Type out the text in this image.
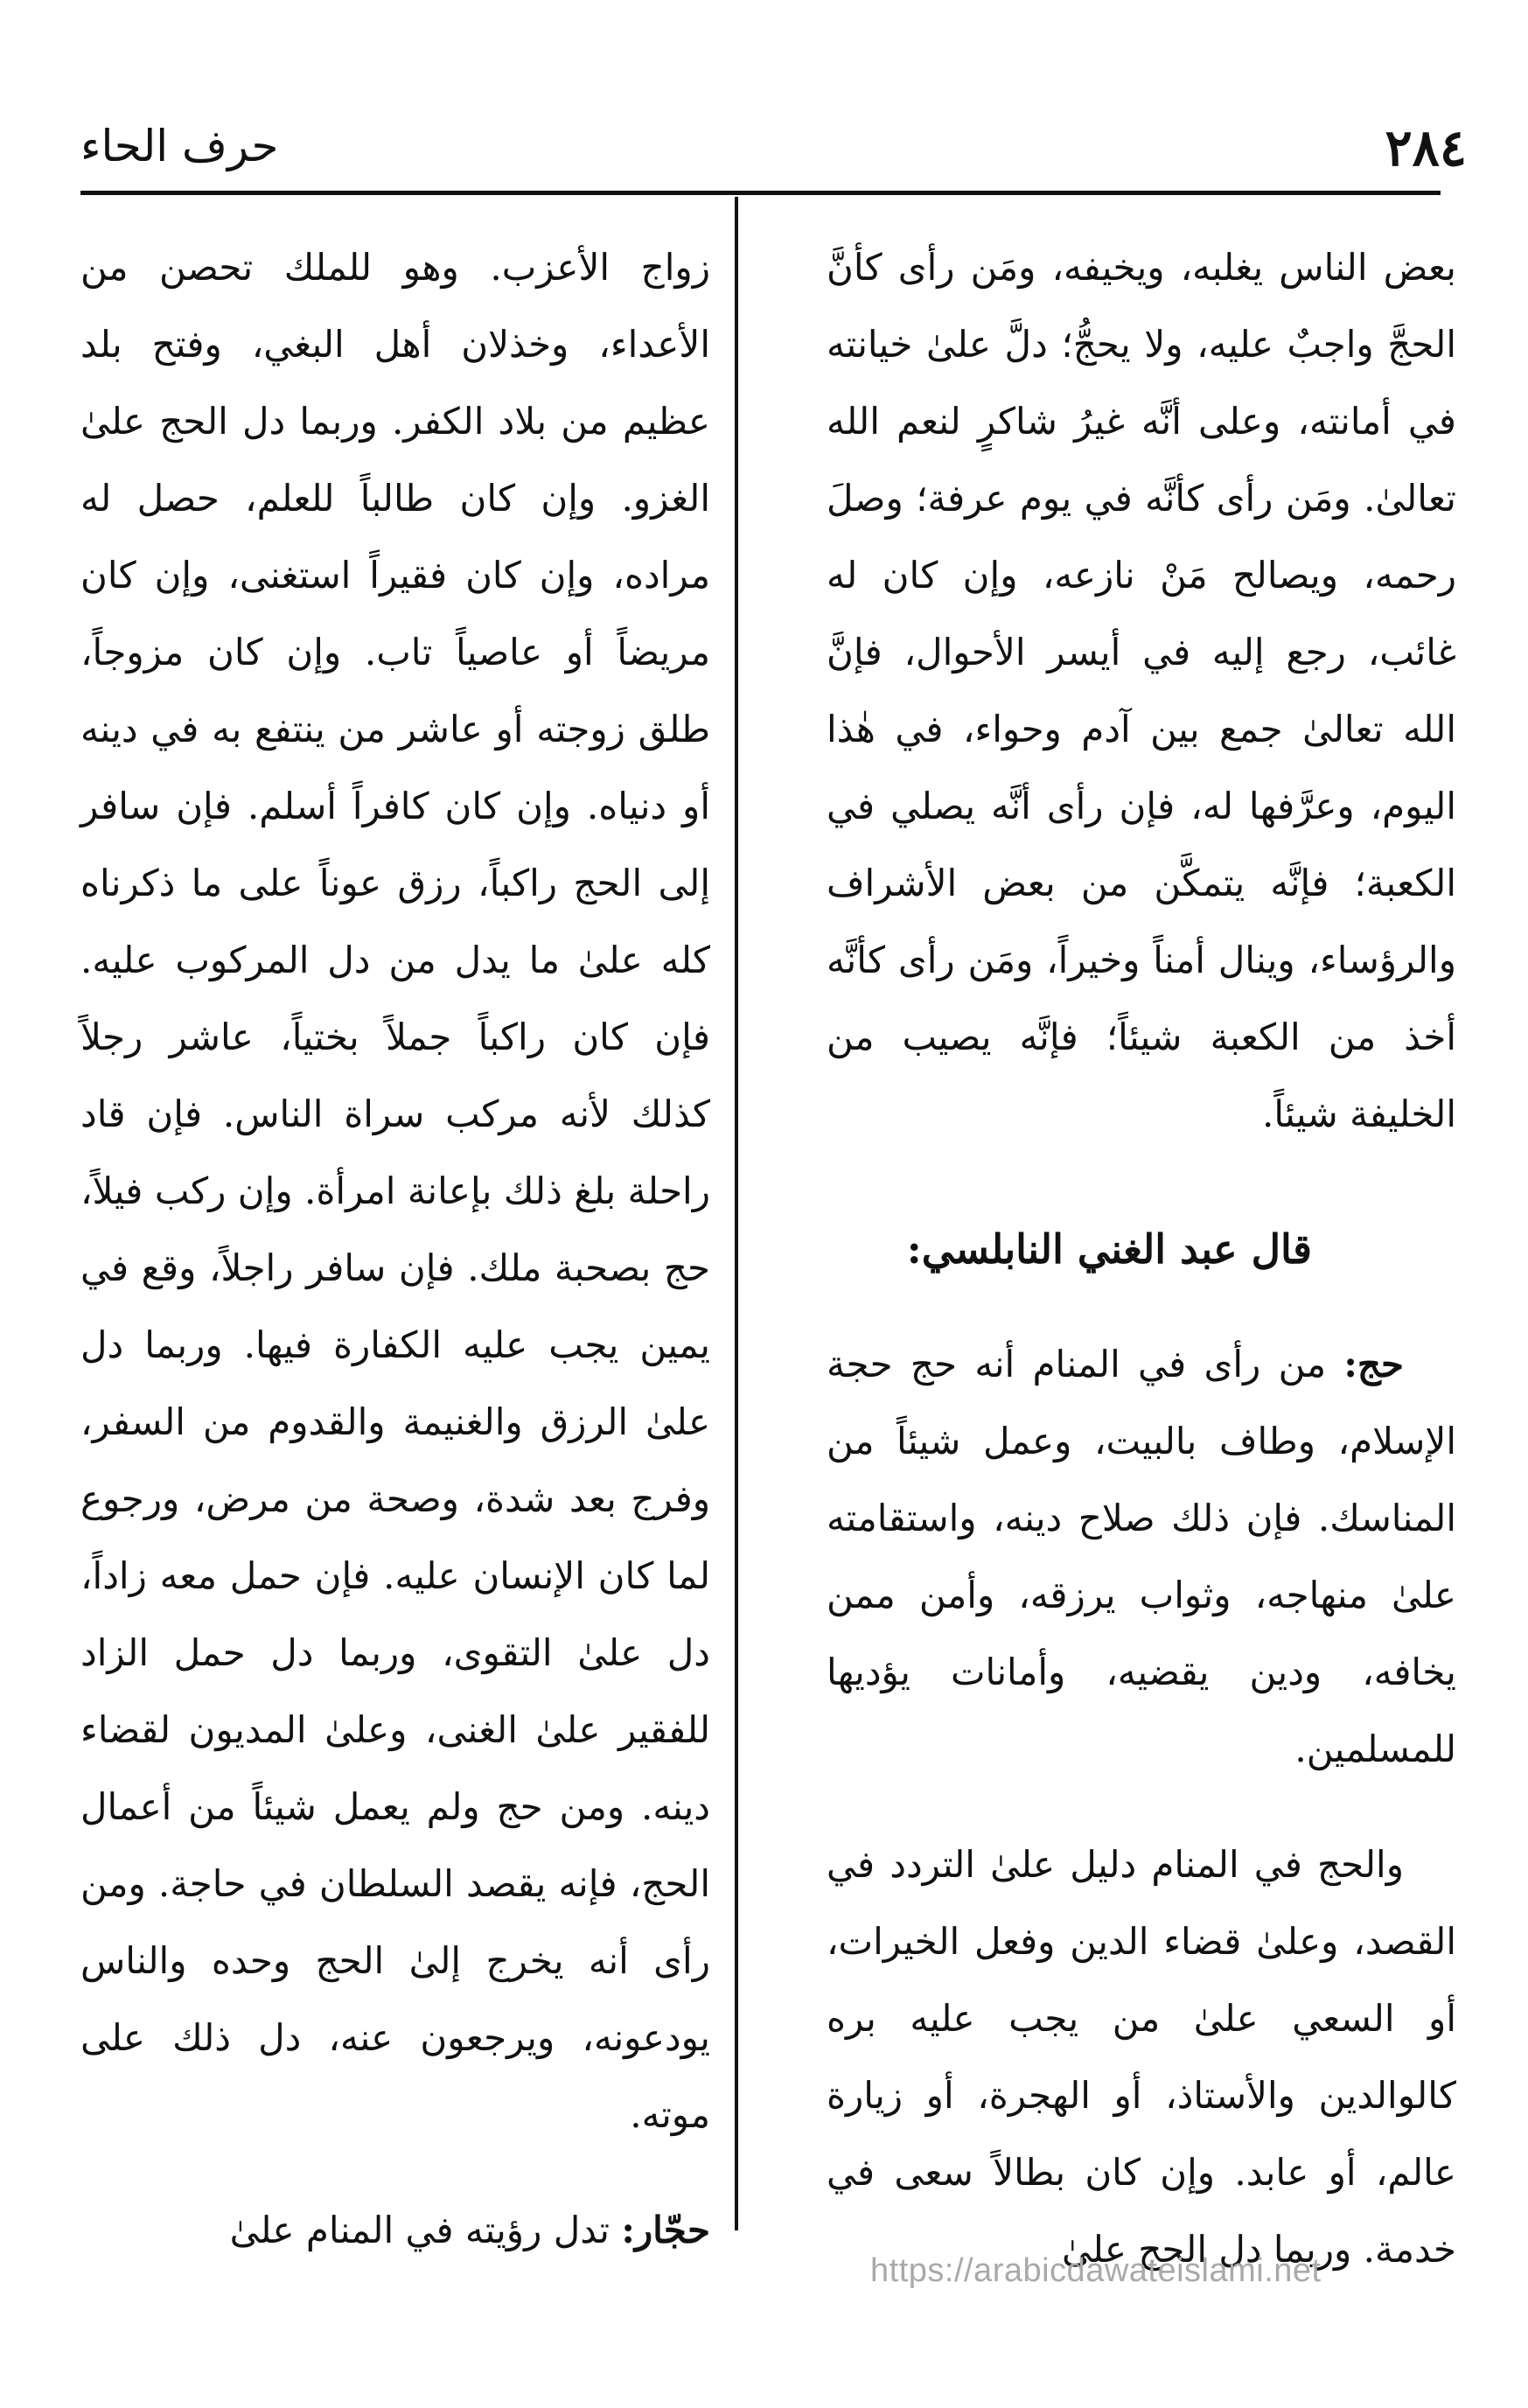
٢٨٤
حرف الحاء

بعض الناس يغلبه، ويخيفه، ومَن رأى كأنَّ الحجَّ واجبٌ عليه، ولا يحجُّ؛ دلَّ علىٰ خيانته في أمانته، وعلى أنَّه غيرُ شاكرٍ لنعم الله تعالىٰ. ومَن رأى كأنَّه في يوم عرفة؛ وصلَ رحمه، ويصالح مَنْ نازعه، وإن كان له غائب، رجع إليه في أيسر الأحوال، فإنَّ الله تعالىٰ جمع بين آدم وحواء، في هٰذا اليوم، وعرَّفها له، فإن رأى أنَّه يصلي في الكعبة؛ فإنَّه يتمكَّن من بعض الأشراف والرؤساء، وينال أمناً وخيراً، ومَن رأى كأنَّه أخذ من الكعبة شيئاً؛ فإنَّه يصيب من الخليفة شيئاً.

قال عبد الغني النابلسي:

حج: من رأى في المنام أنه حج حجة الإسلام، وطاف بالبيت، وعمل شيئاً من المناسك. فإن ذلك صلاح دينه، واستقامته علىٰ منهاجه، وثواب يرزقه، وأمن ممن يخافه، ودين يقضيه، وأمانات يؤديها للمسلمين.

والحج في المنام دليل علىٰ التردد في القصد، وعلىٰ قضاء الدين وفعل الخيرات، أو السعي علىٰ من يجب عليه بره كالوالدين والأستاذ، أو الهجرة، أو زيارة عالم، أو عابد. وإن كان بطالاً سعى في خدمة. وربما دل الحج علىٰ

زواج الأعزب. وهو للملك تحصن من الأعداء، وخذلان أهل البغي، وفتح بلد عظيم من بلاد الكفر. وربما دل الحج علىٰ الغزو. وإن كان طالباً للعلم، حصل له مراده، وإن كان فقيراً استغنى، وإن كان مريضاً أو عاصياً تاب. وإن كان مزوجاً، طلق زوجته أو عاشر من ينتفع به في دينه أو دنياه. وإن كان كافراً أسلم. فإن سافر إلى الحج راكباً، رزق عوناً على ما ذكرناه كله علىٰ ما يدل من دل المركوب عليه. فإن كان راكباً جملاً بختياً، عاشر رجلاً كذلك لأنه مركب سراة الناس. فإن قاد راحلة بلغ ذلك بإعانة امرأة. وإن ركب فيلاً، حج بصحبة ملك. فإن سافر راجلاً، وقع في يمين يجب عليه الكفارة فيها. وربما دل علىٰ الرزق والغنيمة والقدوم من السفر، وفرج بعد شدة، وصحة من مرض، ورجوع لما كان الإنسان عليه. فإن حمل معه زاداً، دل علىٰ التقوى، وربما دل حمل الزاد للفقير علىٰ الغنى، وعلىٰ المديون لقضاء دينه. ومن حج ولم يعمل شيئاً من أعمال الحج، فإنه يقصد السلطان في حاجة. ومن رأى أنه يخرج إلىٰ الحج وحده والناس يودعونه، ويرجعون عنه، دل ذلك على موته.

حجّار: تدل رؤيته في المنام علىٰ

https://arabicdawateislami.net
